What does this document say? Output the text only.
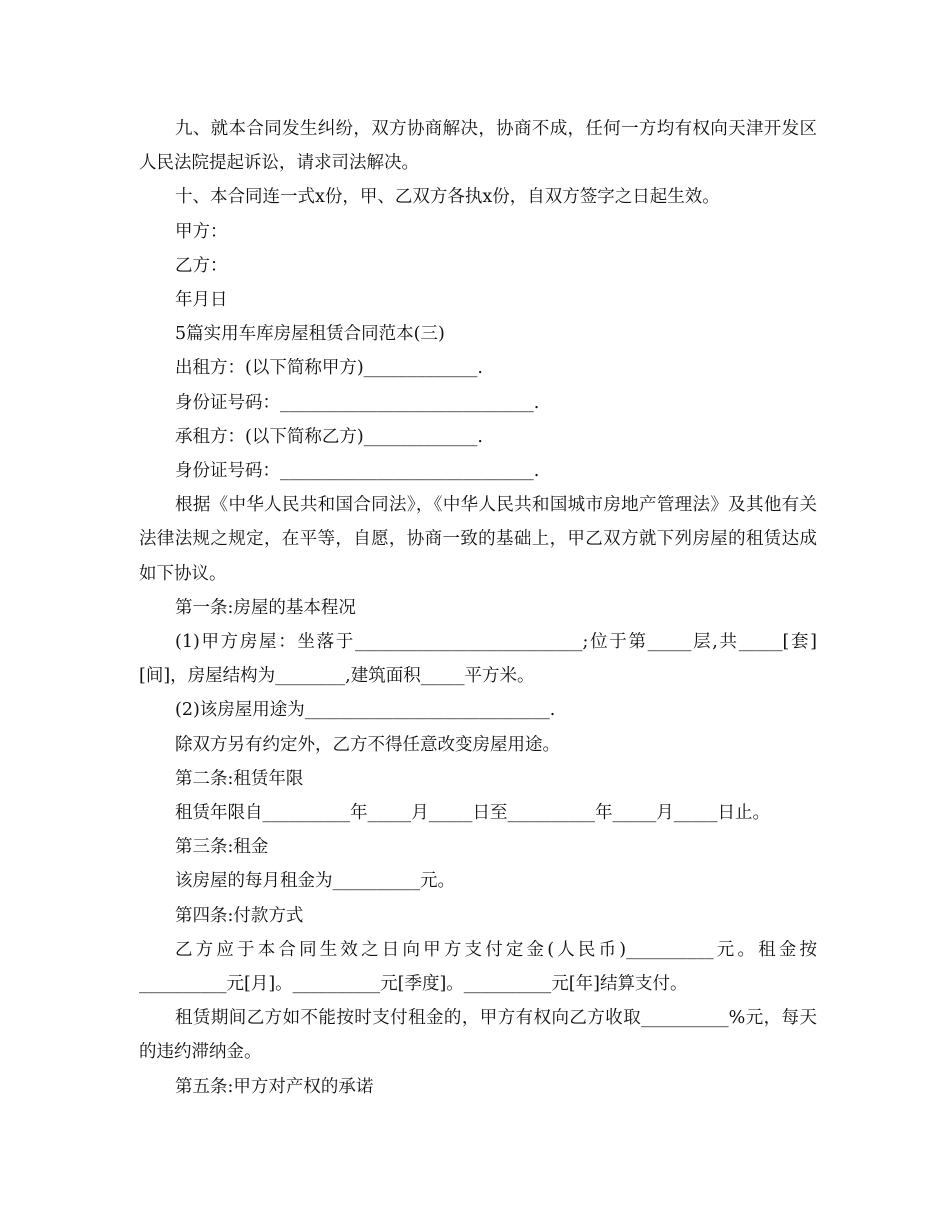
九、就本合同发生纠纷，双方协商解决，协商不成，任何一方均有权向天津开发区人民法院提起诉讼，请求司法解决。

十、本合同连一式x份，甲、乙双方各执x份，自双方签字之日起生效。

甲方：

乙方：

年月日

5篇实用车库房屋租赁合同范本(三)

出租方：(以下简称甲方)_____________.

身份证号码：_____________________________.

承租方：(以下简称乙方)_____________.

身份证号码：_____________________________.

根据《中华人民共和国合同法》，《中华人民共和国城市房地产管理法》及其他有关法律法规之规定，在平等，自愿，协商一致的基础上，甲乙双方就下列房屋的租赁达成如下协议。

第一条:房屋的基本程况

(1)甲方房屋：坐落于__________________________;位于第_____层,共_____[套][间]，房屋结构为________,建筑面积_____平方米。

(2)该房屋用途为____________________________.

除双方另有约定外，乙方不得任意改变房屋用途。

第二条:租赁年限

租赁年限自__________年_____月_____日至__________年_____月_____日止。

第三条:租金

该房屋的每月租金为__________元。

第四条:付款方式

乙方应于本合同生效之日向甲方支付定金(人民币)__________元。租金按__________元[月]。__________元[季度]。__________元[年]结算支付。

租赁期间乙方如不能按时支付租金的，甲方有权向乙方收取__________%元，每天的违约滞纳金。

第五条:甲方对产权的承诺
